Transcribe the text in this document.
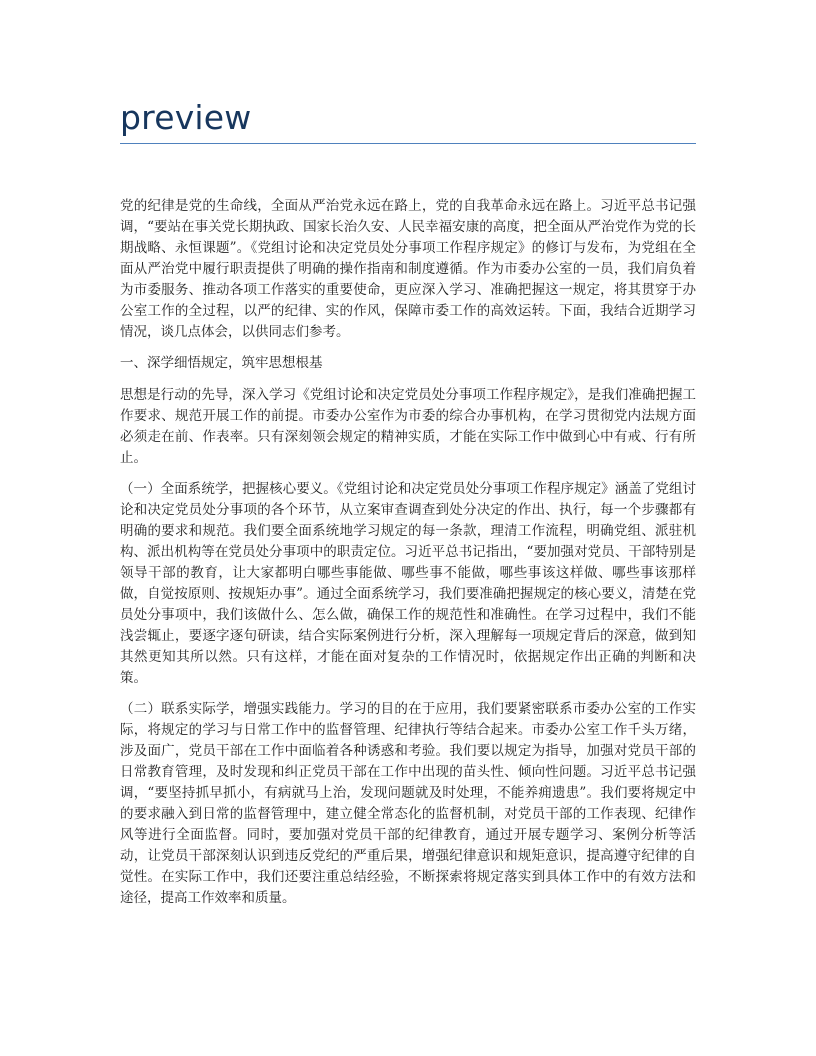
preview

党的纪律是党的生命线，全面从严治党永远在路上，党的自我革命永远在路上。习近平总书记强调，“要站在事关党长期执政、国家长治久安、人民幸福安康的高度，把全面从严治党作为党的长期战略、永恒课题”。《党组讨论和决定党员处分事项工作程序规定》的修订与发布，为党组在全面从严治党中履行职责提供了明确的操作指南和制度遵循。作为市委办公室的一员，我们肩负着为市委服务、推动各项工作落实的重要使命，更应深入学习、准确把握这一规定，将其贯穿于办公室工作的全过程，以严的纪律、实的作风，保障市委工作的高效运转。下面，我结合近期学习情况，谈几点体会，以供同志们参考。

一、深学细悟规定，筑牢思想根基

思想是行动的先导，深入学习《党组讨论和决定党员处分事项工作程序规定》，是我们准确把握工作要求、规范开展工作的前提。市委办公室作为市委的综合办事机构，在学习贯彻党内法规方面必须走在前、作表率。只有深刻领会规定的精神实质，才能在实际工作中做到心中有戒、行有所止。

（一）全面系统学，把握核心要义。《党组讨论和决定党员处分事项工作程序规定》涵盖了党组讨论和决定党员处分事项的各个环节，从立案审查调查到处分决定的作出、执行，每一个步骤都有明确的要求和规范。我们要全面系统地学习规定的每一条款，理清工作流程，明确党组、派驻机构、派出机构等在党员处分事项中的职责定位。习近平总书记指出，“要加强对党员、干部特别是领导干部的教育，让大家都明白哪些事能做、哪些事不能做，哪些事该这样做、哪些事该那样做，自觉按原则、按规矩办事”。通过全面系统学习，我们要准确把握规定的核心要义，清楚在党员处分事项中，我们该做什么、怎么做，确保工作的规范性和准确性。在学习过程中，我们不能浅尝辄止，要逐字逐句研读，结合实际案例进行分析，深入理解每一项规定背后的深意，做到知其然更知其所以然。只有这样，才能在面对复杂的工作情况时，依据规定作出正确的判断和决策。

（二）联系实际学，增强实践能力。学习的目的在于应用，我们要紧密联系市委办公室的工作实际，将规定的学习与日常工作中的监督管理、纪律执行等结合起来。市委办公室工作千头万绪，涉及面广，党员干部在工作中面临着各种诱惑和考验。我们要以规定为指导，加强对党员干部的日常教育管理，及时发现和纠正党员干部在工作中出现的苗头性、倾向性问题。习近平总书记强调，“要坚持抓早抓小，有病就马上治，发现问题就及时处理，不能养痈遗患”。我们要将规定中的要求融入到日常的监督管理中，建立健全常态化的监督机制，对党员干部的工作表现、纪律作风等进行全面监督。同时，要加强对党员干部的纪律教育，通过开展专题学习、案例分析等活动，让党员干部深刻认识到违反党纪的严重后果，增强纪律意识和规矩意识，提高遵守纪律的自觉性。在实际工作中，我们还要注重总结经验，不断探索将规定落实到具体工作中的有效方法和途径，提高工作效率和质量。
